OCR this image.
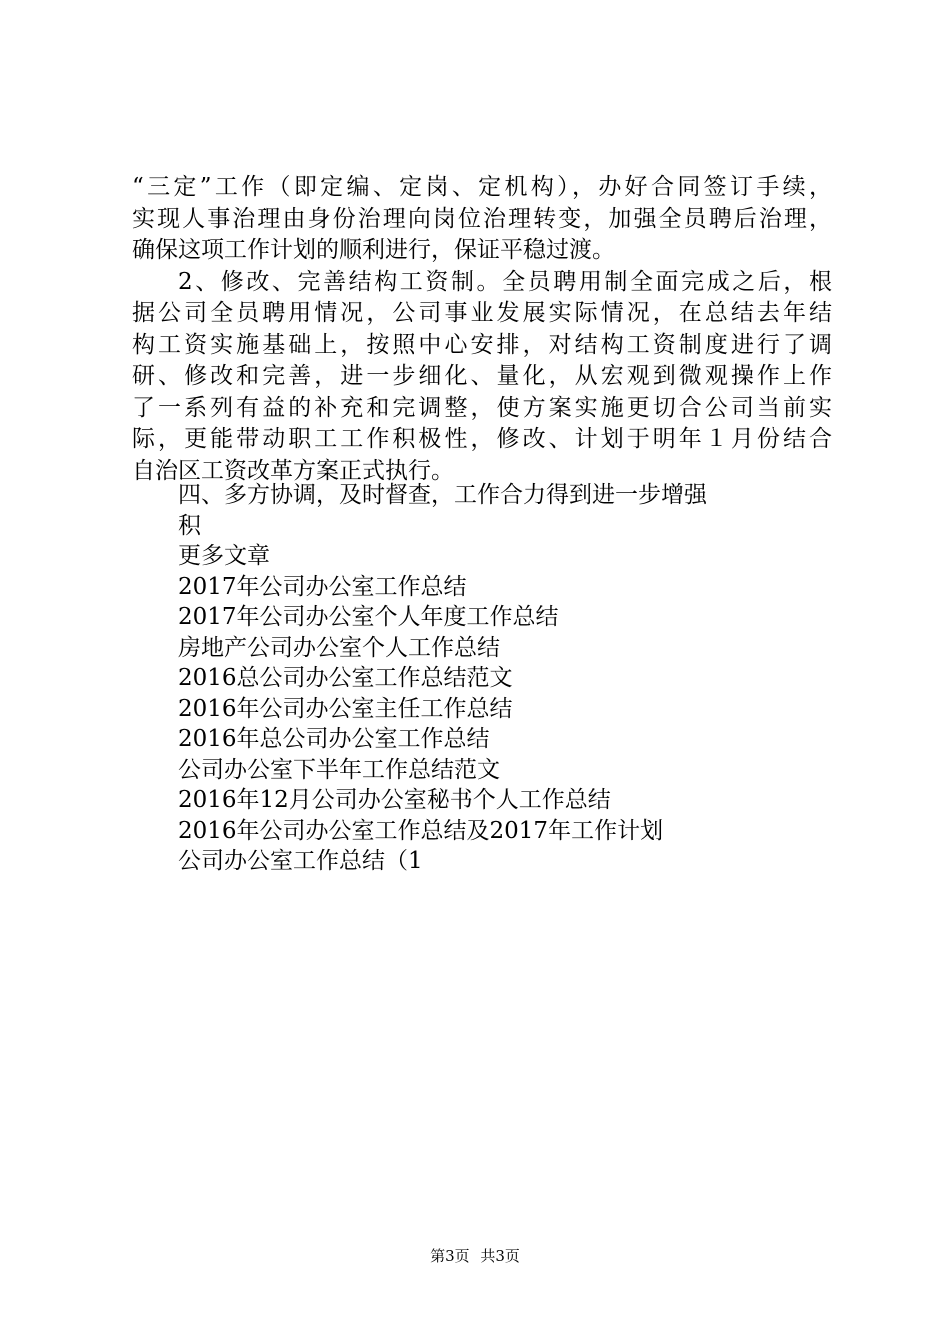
“三定”工作（即定编、定岗、定机构），办好合同签订手续，
实现人事治理由身份治理向岗位治理转变，加强全员聘后治理，
确保这项工作计划的顺利进行，保证平稳过渡。
2、修改、完善结构工资制。全员聘用制全面完成之后，根
据公司全员聘用情况，公司事业发展实际情况，在总结去年结
构工资实施基础上，按照中心安排，对结构工资制度进行了调
研、修改和完善，进一步细化、量化，从宏观到微观操作上作
了一系列有益的补充和完调整，使方案实施更切合公司当前实
际，更能带动职工工作积极性，修改、计划于明年１月份结合
自治区工资改革方案正式执行。
四、多方协调，及时督查，工作合力得到进一步增强
积
更多文章
2017年公司办公室工作总结
2017年公司办公室个人年度工作总结
房地产公司办公室个人工作总结
2016总公司办公室工作总结范文
2016年公司办公室主任工作总结
2016年总公司办公室工作总结
公司办公室下半年工作总结范文
2016年12月公司办公室秘书个人工作总结
2016年公司办公室工作总结及2017年工作计划
公司办公室工作总结（1
第3页 共3页
